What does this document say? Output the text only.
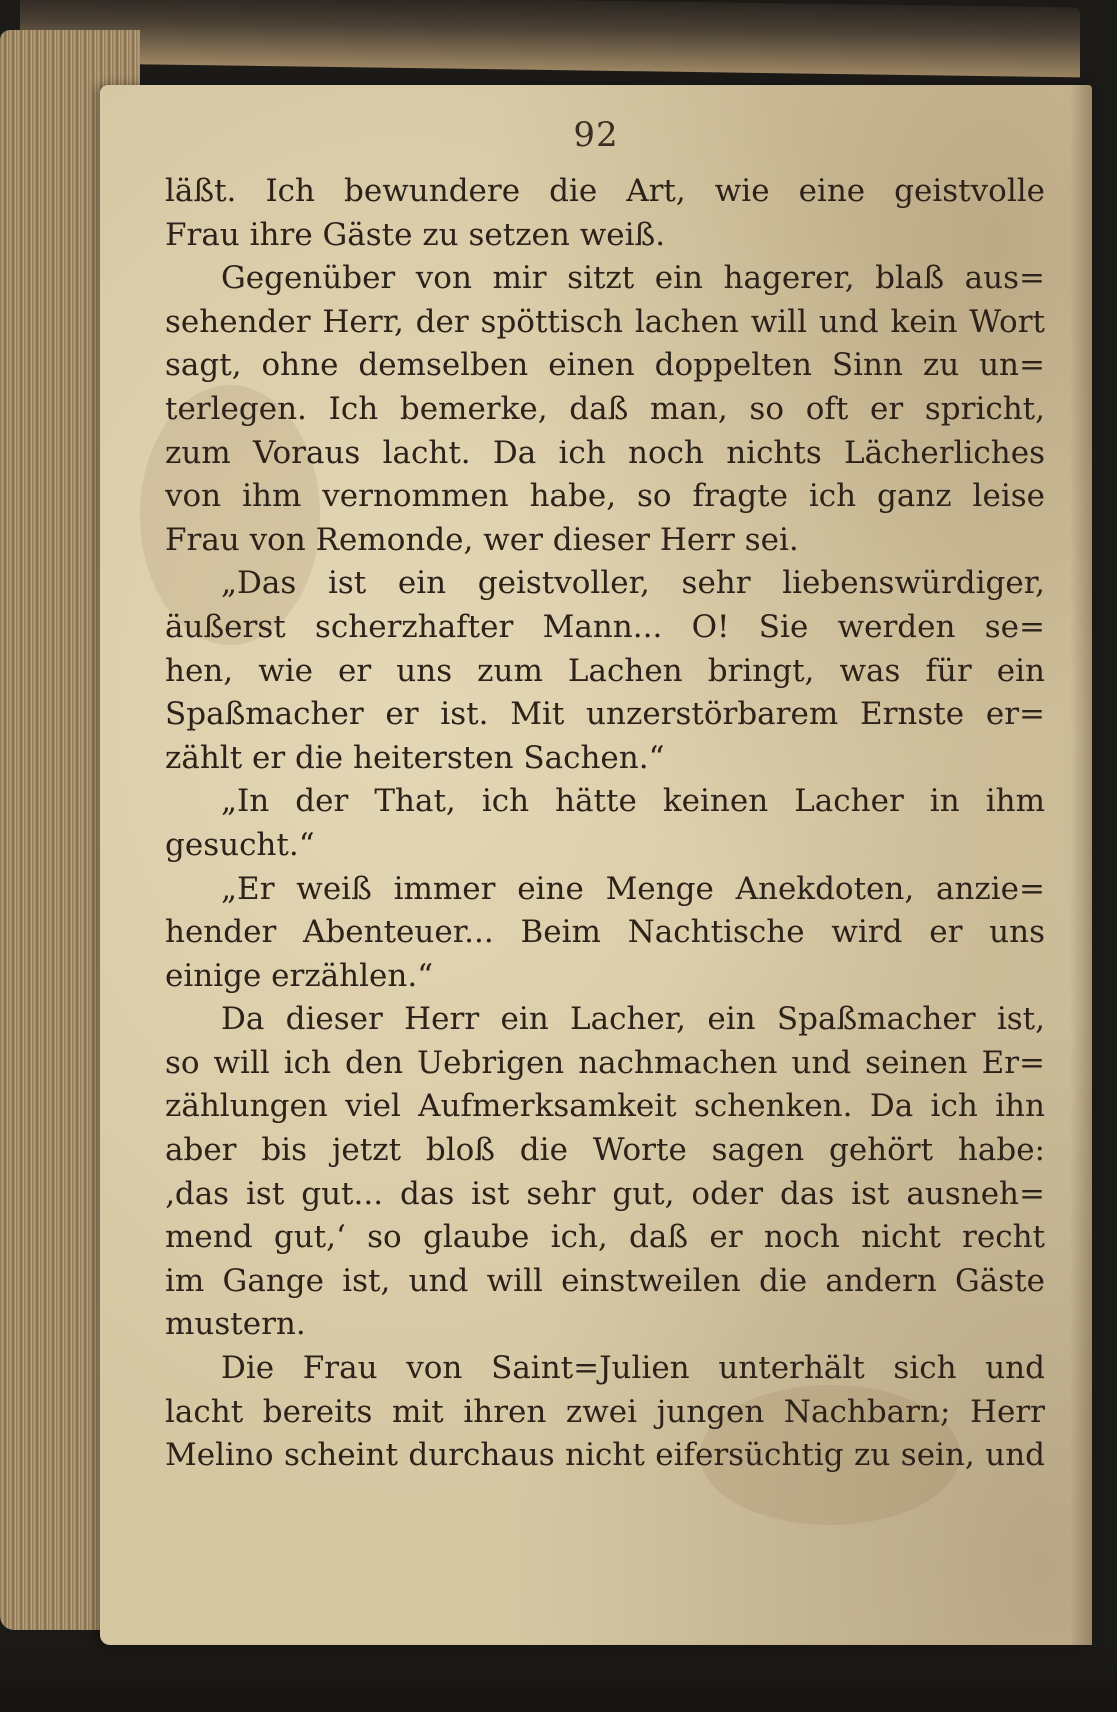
92
läßt. Ich bewundere die Art, wie eine geistvolle
Frau ihre Gäste zu setzen weiß.
Gegenüber von mir sitzt ein hagerer, blaß aus=
sehender Herr, der spöttisch lachen will und kein Wort
sagt, ohne demselben einen doppelten Sinn zu un=
terlegen. Ich bemerke, daß man, so oft er spricht,
zum Voraus lacht. Da ich noch nichts Lächerliches
von ihm vernommen habe, so fragte ich ganz leise
Frau von Remonde, wer dieser Herr sei.
„Das ist ein geistvoller, sehr liebenswürdiger,
äußerst scherzhafter Mann... O! Sie werden se=
hen, wie er uns zum Lachen bringt, was für ein
Spaßmacher er ist. Mit unzerstörbarem Ernste er=
zählt er die heitersten Sachen.“
„In der That, ich hätte keinen Lacher in ihm
gesucht.“
„Er weiß immer eine Menge Anekdoten, anzie=
hender Abenteuer... Beim Nachtische wird er uns
einige erzählen.“
Da dieser Herr ein Lacher, ein Spaßmacher ist,
so will ich den Uebrigen nachmachen und seinen Er=
zählungen viel Aufmerksamkeit schenken. Da ich ihn
aber bis jetzt bloß die Worte sagen gehört habe:
‚das ist gut... das ist sehr gut, oder das ist ausneh=
mend gut,‘ so glaube ich, daß er noch nicht recht
im Gange ist, und will einstweilen die andern Gäste
mustern.
Die Frau von Saint=Julien unterhält sich und
lacht bereits mit ihren zwei jungen Nachbarn; Herr
Melino scheint durchaus nicht eifersüchtig zu sein, und
